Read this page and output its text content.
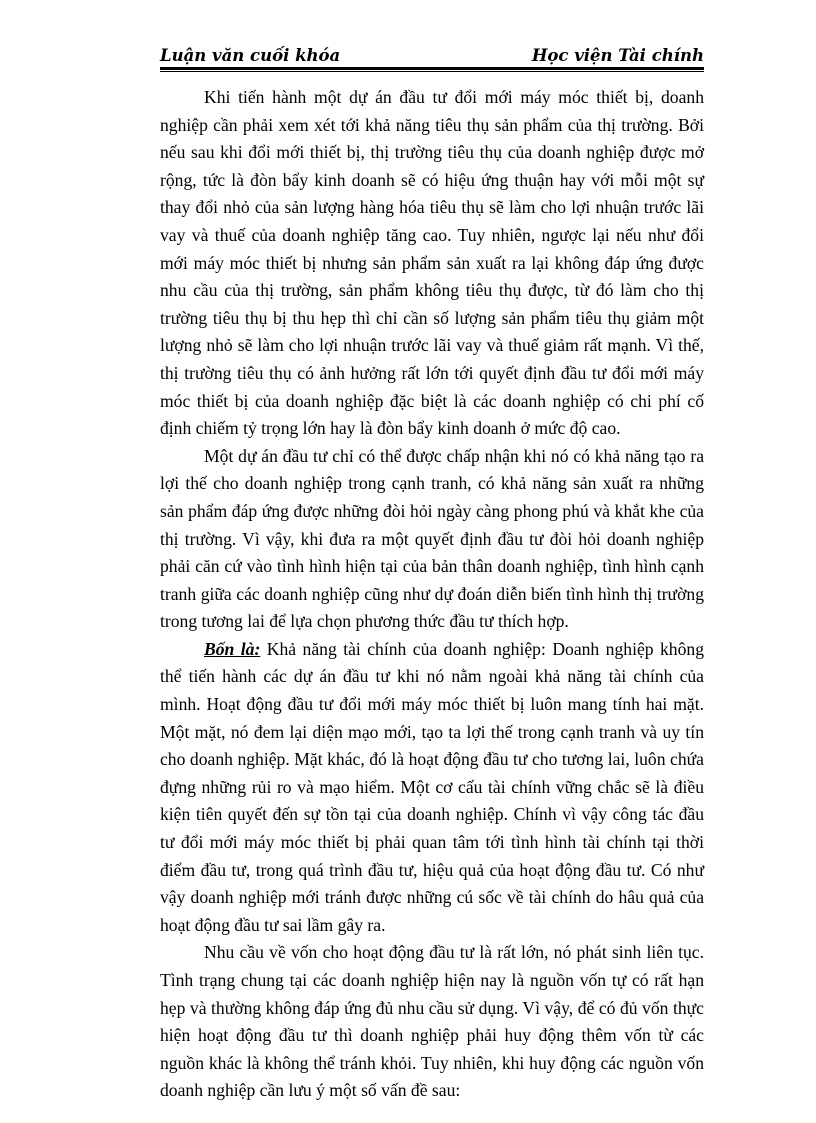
Luận văn cuối khóa	Học viện Tài chính

Khi tiến hành một dự án đầu tư đổi mới máy móc thiết bị, doanh nghiệp cần phải xem xét tới khả năng tiêu thụ sản phẩm của thị trường. Bởi nếu sau khi đổi mới thiết bị, thị trường tiêu thụ của doanh nghiệp được mở rộng, tức là đòn bẩy kinh doanh sẽ có hiệu ứng thuận hay với mỗi một sự thay đổi nhỏ của sản lượng hàng hóa tiêu thụ sẽ làm cho lợi nhuận trước lãi vay và thuế của doanh nghiệp tăng cao. Tuy nhiên, ngược lại nếu như đổi mới máy móc thiết bị nhưng sản phẩm sản xuất ra lại không đáp ứng được nhu cầu của thị trường, sản phẩm không tiêu thụ được, từ đó làm cho thị trường tiêu thụ bị thu hẹp thì chỉ cần số lượng sản phẩm tiêu thụ giảm một lượng nhỏ sẽ làm cho lợi nhuận trước lãi vay và thuế giảm rất mạnh. Vì thế, thị trường tiêu thụ có ảnh hưởng rất lớn tới quyết định đầu tư đổi mới máy móc thiết bị của doanh nghiệp đặc biệt là các doanh nghiệp có chi phí cố định chiếm tỷ trọng lớn hay là đòn bẩy kinh doanh ở mức độ cao.

Một dự án đầu tư chỉ có thể được chấp nhận khi nó có khả năng tạo ra lợi thế cho doanh nghiệp trong cạnh tranh, có khả năng sản xuất ra những sản phẩm đáp ứng được những đòi hỏi ngày càng phong phú và khắt khe của thị trường. Vì vậy, khi đưa ra một quyết định đầu tư đòi hỏi doanh nghiệp phải căn cứ vào tình hình hiện tại của bản thân doanh nghiệp, tình hình cạnh tranh giữa các doanh nghiệp cũng như dự đoán diễn biến tình hình thị trường trong tương lai để lựa chọn phương thức đầu tư thích hợp.

Bốn là: Khả năng tài chính của doanh nghiệp: Doanh nghiệp không thể tiến hành các dự án đầu tư khi nó nằm ngoài khả năng tài chính của mình. Hoạt động đầu tư đổi mới máy móc thiết bị luôn mang tính hai mặt. Một mặt, nó đem lại diện mạo mới, tạo ta lợi thế trong cạnh tranh và uy tín cho doanh nghiệp. Mặt khác, đó là hoạt động đầu tư cho tương lai, luôn chứa đựng những rủi ro và mạo hiểm. Một cơ cấu tài chính vững chắc sẽ là điều kiện tiên quyết đến sự tồn tại của doanh nghiệp. Chính vì vậy công tác đầu tư đổi mới máy móc thiết bị phải quan tâm tới tình hình tài chính tại thời điểm đầu tư, trong quá trình đầu tư, hiệu quả của hoạt động đầu tư. Có như vậy doanh nghiệp mới tránh được những cú sốc về tài chính do hâu quả của hoạt động đầu tư sai lầm gây ra.

Nhu cầu về vốn cho hoạt động đầu tư là rất lớn, nó phát sinh liên tục. Tình trạng chung tại các doanh nghiệp hiện nay là nguồn vốn tự có rất hạn hẹp và thường không đáp ứng đủ nhu cầu sử dụng. Vì vậy, để có đủ vốn thực hiện hoạt động đầu tư thì doanh nghiệp phải huy động thêm vốn từ các nguồn khác là không thể tránh khỏi. Tuy nhiên, khi huy động các nguồn vốn doanh nghiệp cần lưu ý một số vấn đề sau:
